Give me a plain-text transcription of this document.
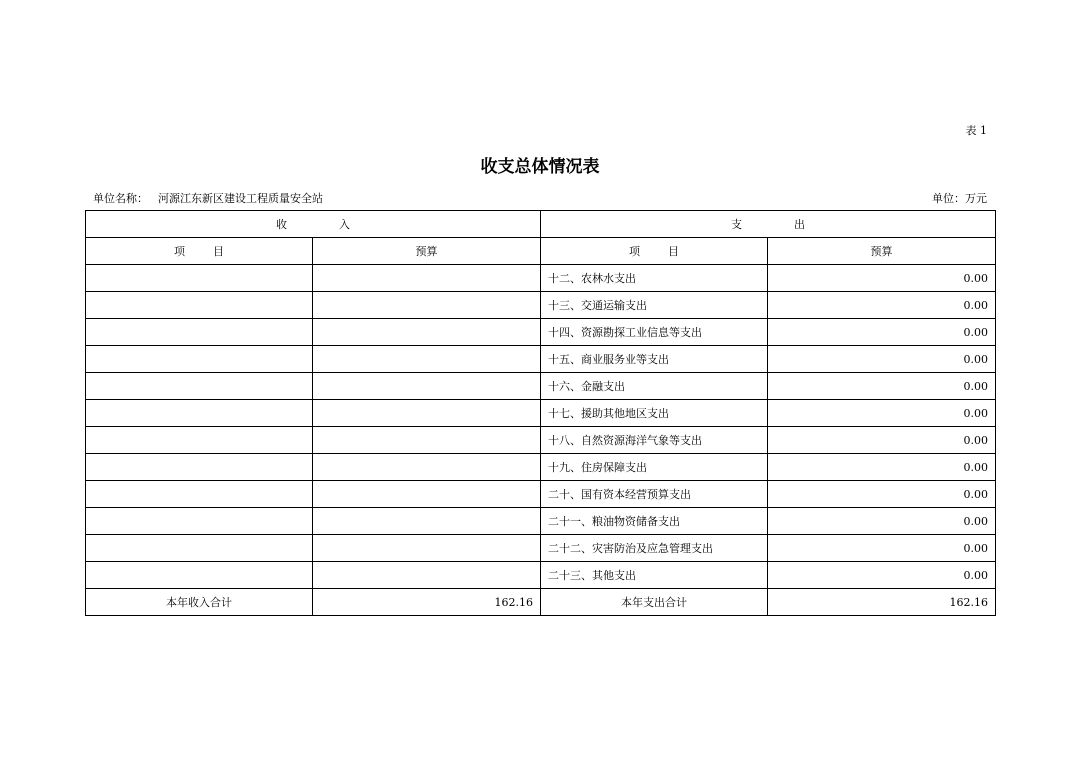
表 1
收支总体情况表
单位名称： 河源江东新区建设工程质量安全站	单位：万元
收 入		支 出	
项 目	预算	项 目	预算
		十二、农林水支出	0.00
		十三、交通运输支出	0.00
		十四、资源勘探工业信息等支出	0.00
		十五、商业服务业等支出	0.00
		十六、金融支出	0.00
		十七、援助其他地区支出	0.00
		十八、自然资源海洋气象等支出	0.00
		十九、住房保障支出	0.00
		二十、国有资本经营预算支出	0.00
		二十一、粮油物资储备支出	0.00
		二十二、灾害防治及应急管理支出	0.00
		二十三、其他支出	0.00
本年收入合计	162.16	本年支出合计	162.16
